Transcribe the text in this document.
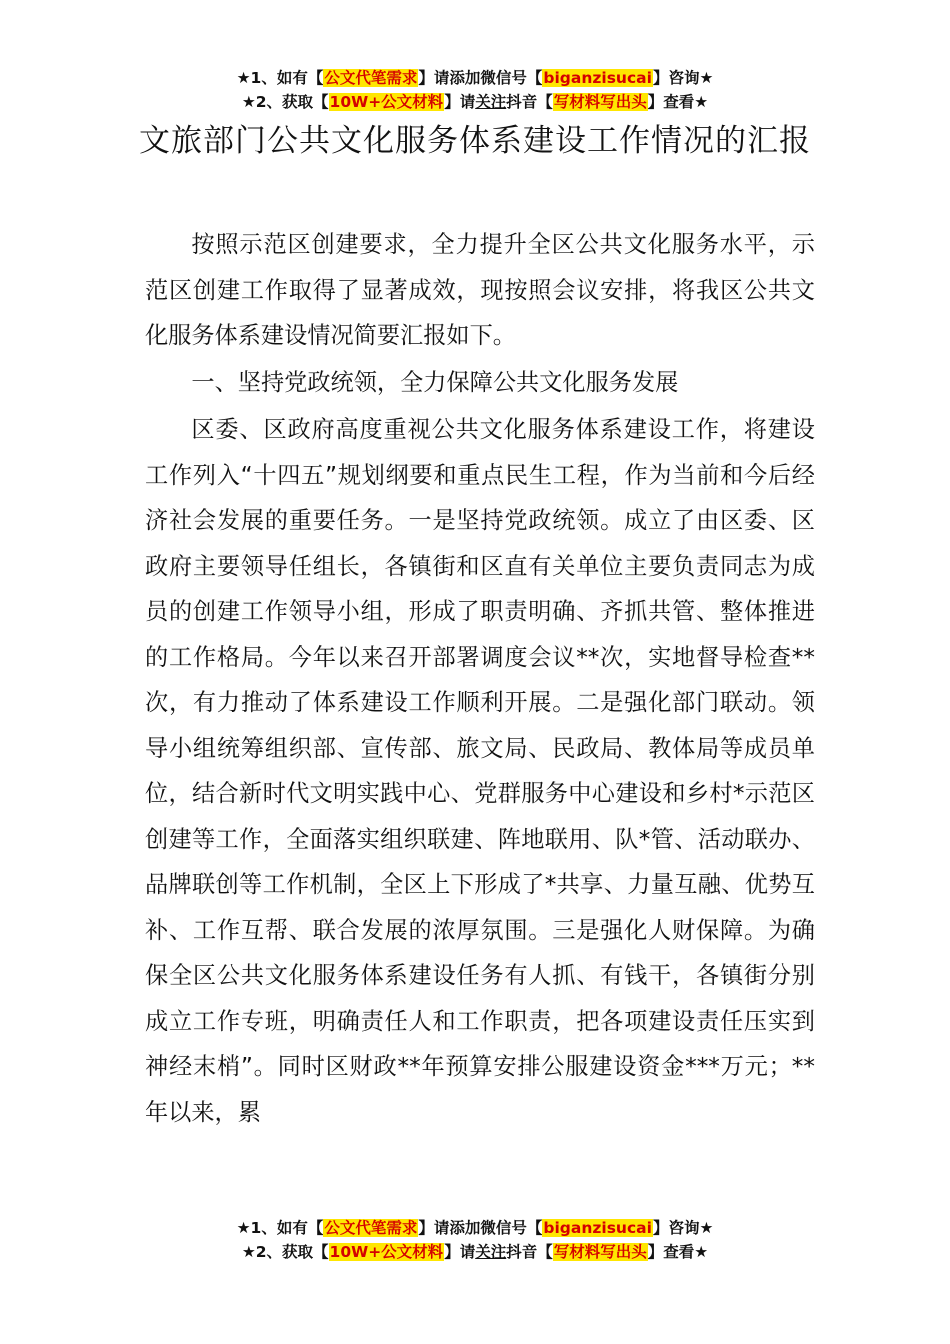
★1、如有【公文代笔需求】请添加微信号【biganzisucai】咨询★
★2、获取【10W+公文材料】请关注抖音【写材料写出头】查看★
文旅部门公共文化服务体系建设工作情况的汇报

按照示范区创建要求，全力提升全区公共文化服务水平，示范区创建工作取得了显著成效，现按照会议安排，将我区公共文化服务体系建设情况简要汇报如下。

一、坚持党政统领，全力保障公共文化服务发展

区委、区政府高度重视公共文化服务体系建设工作，将建设工作列入“十四五”规划纲要和重点民生工程，作为当前和今后经济社会发展的重要任务。一是坚持党政统领。成立了由区委、区政府主要领导任组长，各镇街和区直有关单位主要负责同志为成员的创建工作领导小组，形成了职责明确、齐抓共管、整体推进的工作格局。今年以来召开部署调度会议**次，实地督导检查**次，有力推动了体系建设工作顺利开展。二是强化部门联动。领导小组统筹组织部、宣传部、旅文局、民政局、教体局等成员单位，结合新时代文明实践中心、党群服务中心建设和乡村*示范区创建等工作，全面落实组织联建、阵地联用、队*管、活动联办、品牌联创等工作机制，全区上下形成了*共享、力量互融、优势互补、工作互帮、联合发展的浓厚氛围。三是强化人财保障。为确保全区公共文化服务体系建设任务有人抓、有钱干，各镇街分别成立工作专班，明确责任人和工作职责，把各项建设责任压实到神经末梢”。同时区财政**年预算安排公服建设资金***万元；**年以来，累

★1、如有【公文代笔需求】请添加微信号【biganzisucai】咨询★
★2、获取【10W+公文材料】请关注抖音【写材料写出头】查看★
